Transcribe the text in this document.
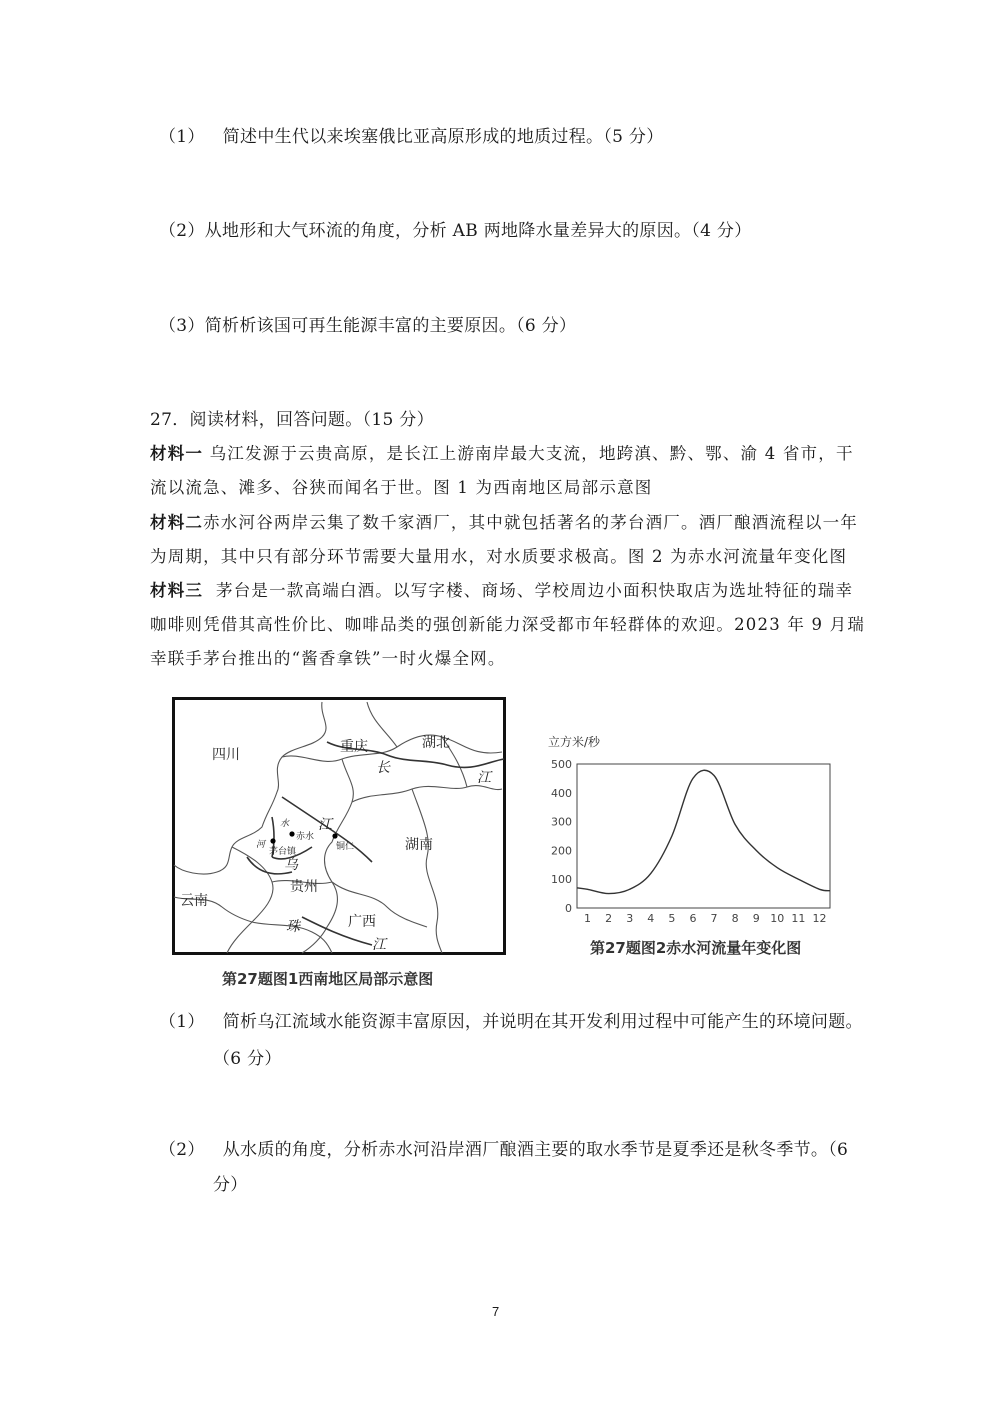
（1） 简述中生代以来埃塞俄比亚高原形成的地质过程。（5 分）
（2）从地形和大气环流的角度，分析 AB 两地降水量差异大的原因。（4 分）
（3）简析析该国可再生能源丰富的主要原因。（6 分）
27．阅读材料，回答问题。（15 分）
材料一 乌江发源于云贵高原，是长江上游南岸最大支流，地跨滇、黔、鄂、渝 4 省市，干
流以流急、滩多、谷狭而闻名于世。图 1 为西南地区局部示意图
材料二赤水河谷两岸云集了数千家酒厂，其中就包括著名的茅台酒厂。酒厂酿酒流程以一年
为周期，其中只有部分环节需要大量用水，对水质要求极高。图 2 为赤水河流量年变化图
材料三 茅台是一款高端白酒。以写字楼、商场、学校周边小面积快取店为选址特征的瑞幸
咖啡则凭借其高性价比、咖啡品类的强创新能力深受都市年轻群体的欢迎。2023 年 9 月瑞
幸联手茅台推出的“酱香拿铁”一时火爆全网。
四川	重庆	湖北
长
江
江
湖南
乌
贵州
云南
广西
珠
江
水
赤水
河
茅台镇	铜仁
第27题图1西南地区局部示意图
立方米/秒
0
100
200
300
400
500
1 2 3 4 5 6 7 8 9 10 11 12
第27题图2赤水河流量年变化图
（1） 简析乌江流域水能资源丰富原因，并说明在其开发利用过程中可能产生的环境问题。
（6 分）
（2） 从水质的角度，分析赤水河沿岸酒厂酿酒主要的取水季节是夏季还是秋冬季节。（6
分）
7
